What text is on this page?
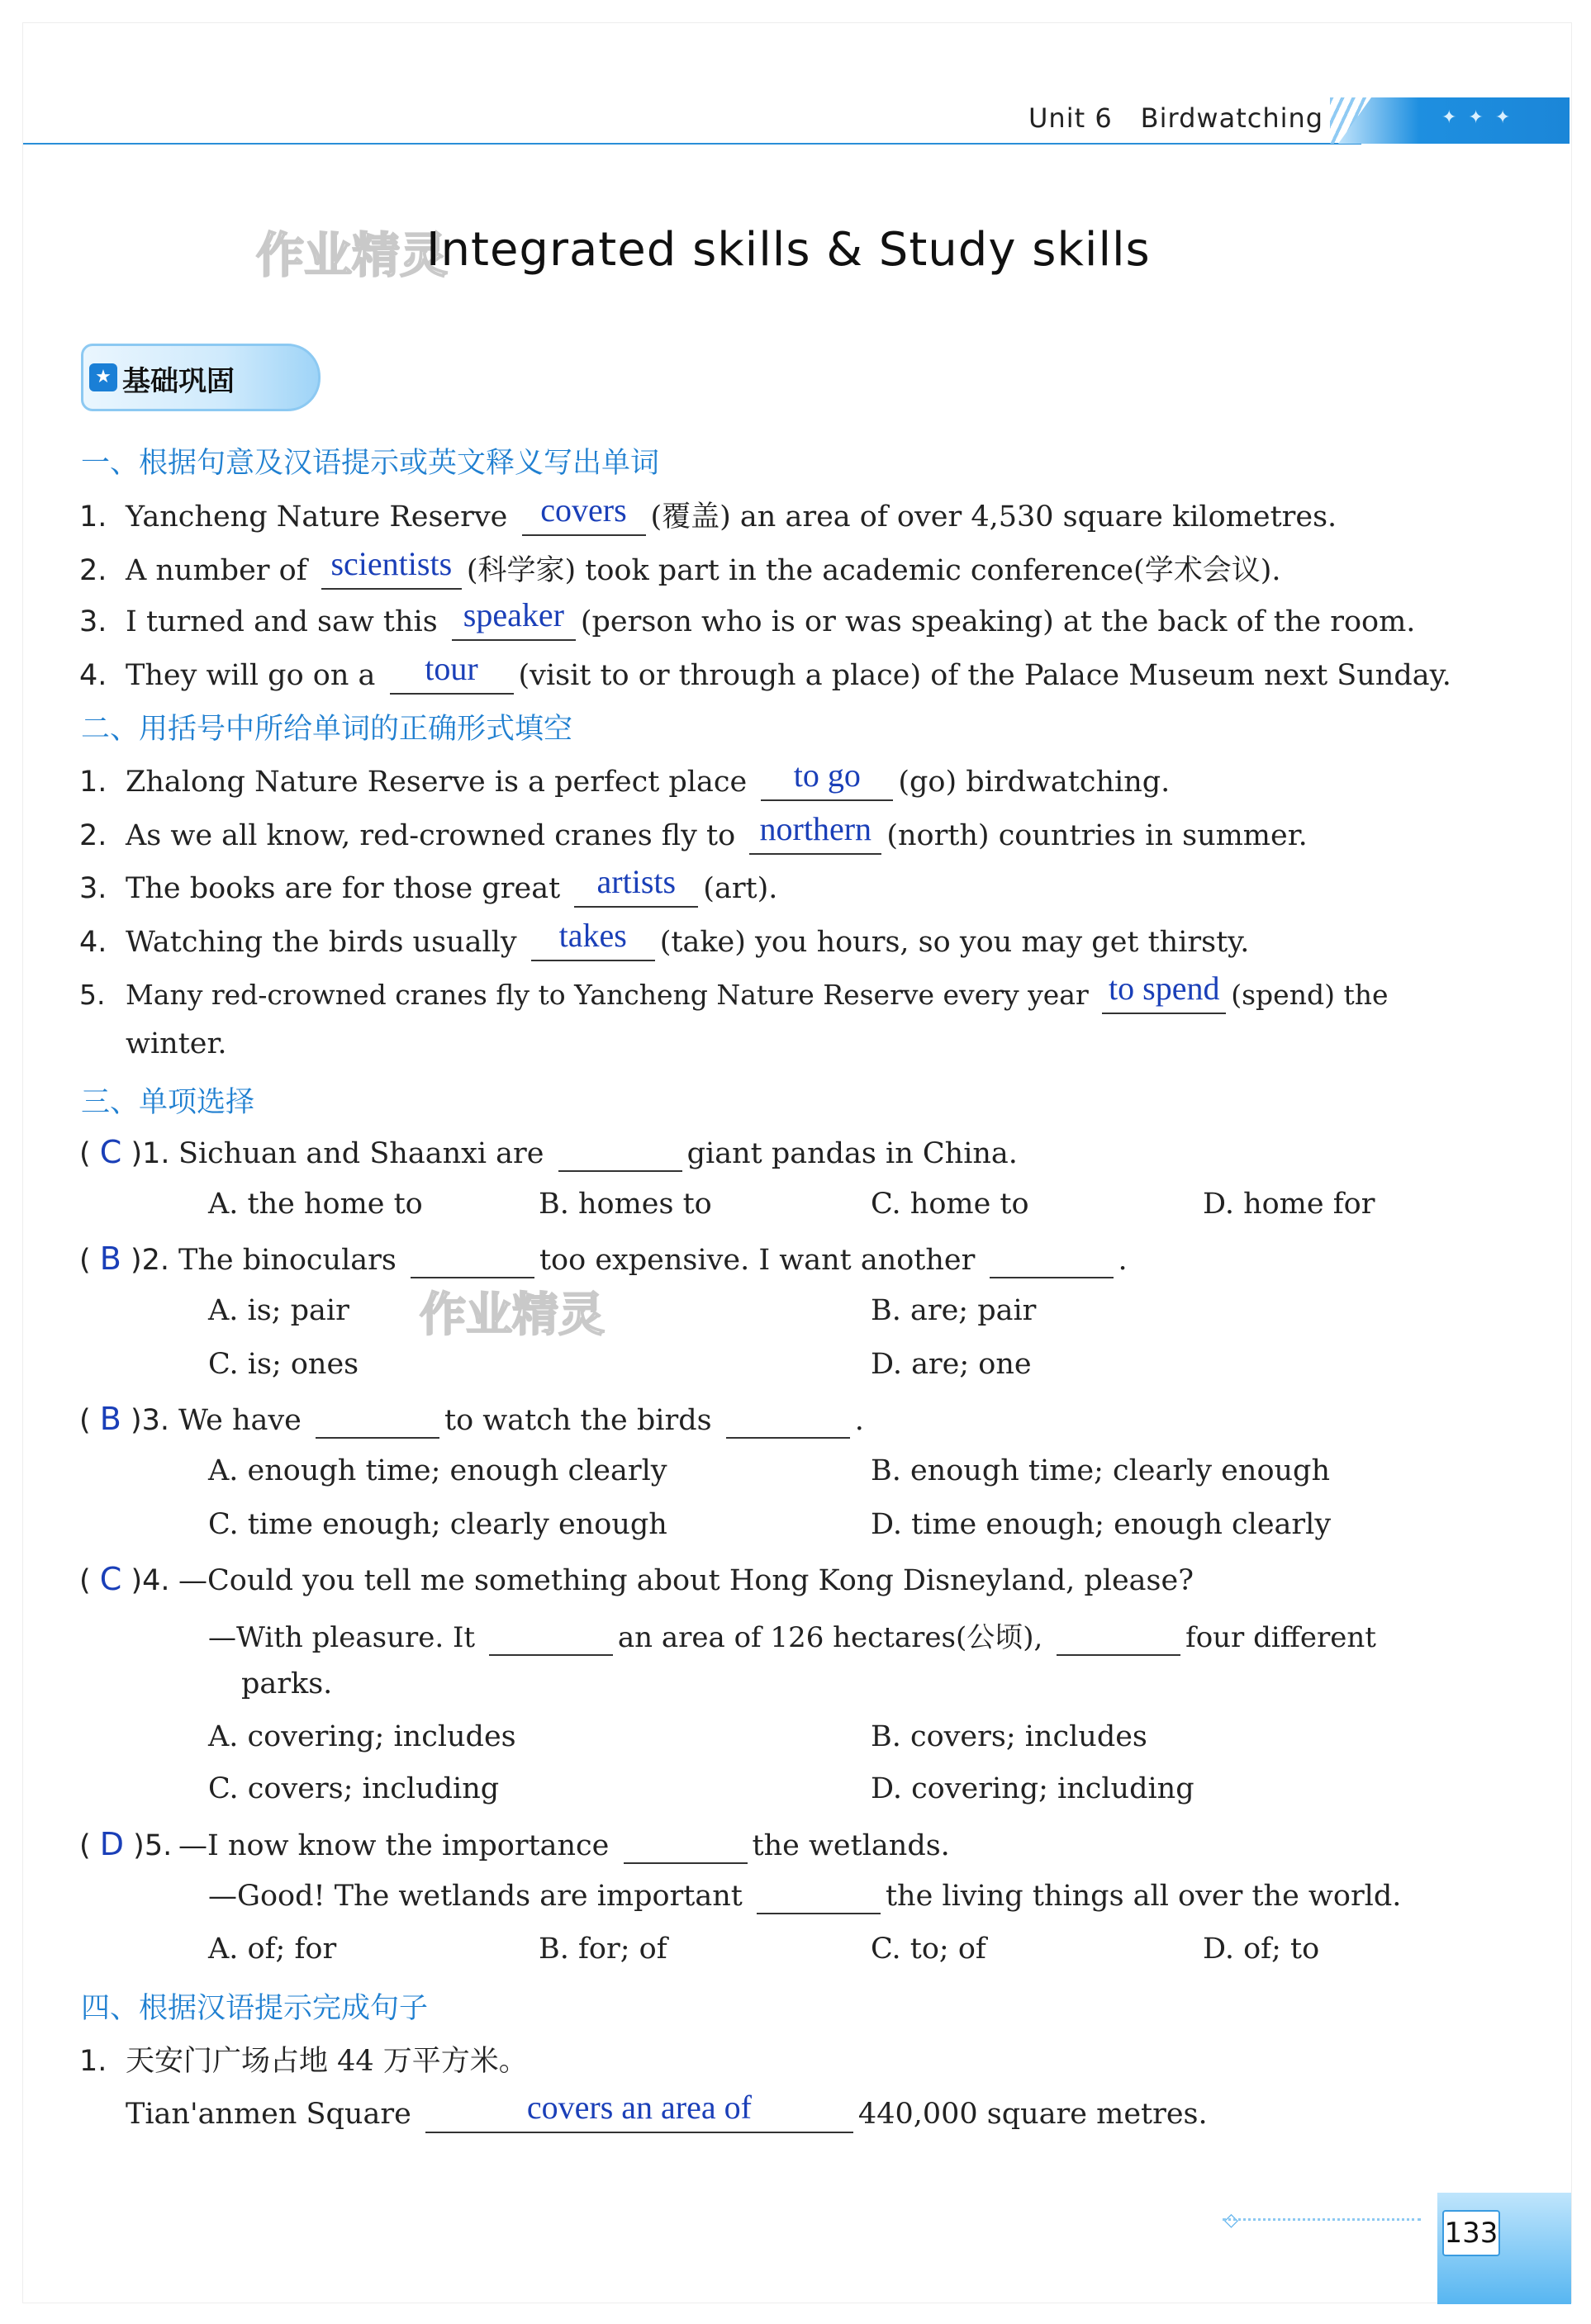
✦✦✦
Unit 6 Birdwatching
作业精灵
Integrated skills & Study skills
★ 基础巩固
一、根据句意及汉语提示或英文释义写出单词
1. Yancheng Nature Reserve covers (覆盖) an area of over 4,530 square kilometres.
2. A number of scientists (科学家) took part in the academic conference(学术会议).
3. I turned and saw this speaker (person who is or was speaking) at the back of the room.
4. They will go on a tour (visit to or through a place) of the Palace Museum next Sunday.
二、用括号中所给单词的正确形式填空
1. Zhalong Nature Reserve is a perfect place to go (go) birdwatching.
2. As we all know, red-crowned cranes fly to northern (north) countries in summer.
3. The books are for those great artists (art).
4. Watching the birds usually takes (take) you hours, so you may get thirsty.
5. Many red-crowned cranes fly to Yancheng Nature Reserve every year to spend (spend) the
winter.
三、单项选择
( C )1. Sichuan and Shaanxi are	giant pandas in China.
A. the home to	B. homes to	C. home to	D. home for
( B )2. The binoculars	too expensive. I want another	.
作业精灵
A. is; pair	B. are; pair
C. is; ones	D. are; one
( B )3. We have	to watch the birds	.
A. enough time; enough clearly	B. enough time; clearly enough
C. time enough; clearly enough	D. time enough; enough clearly
( C )4. —Could you tell me something about Hong Kong Disneyland, please?
—With pleasure. It	an area of 126 hectares(公顷),	four different
parks.
A. covering; includes	B. covers; includes
C. covers; including	D. covering; including
( D )5. —I now know the importance	the wetlands.
—Good! The wetlands are important	the living things all over the world.
A. of; for	B. for; of	C. to; of	D. of; to
四、根据汉语提示完成句子
1. 天安门广场占地 44 万平方米。
Tian'anmen Square	covers an area of	440,000 square metres.
◇	133
